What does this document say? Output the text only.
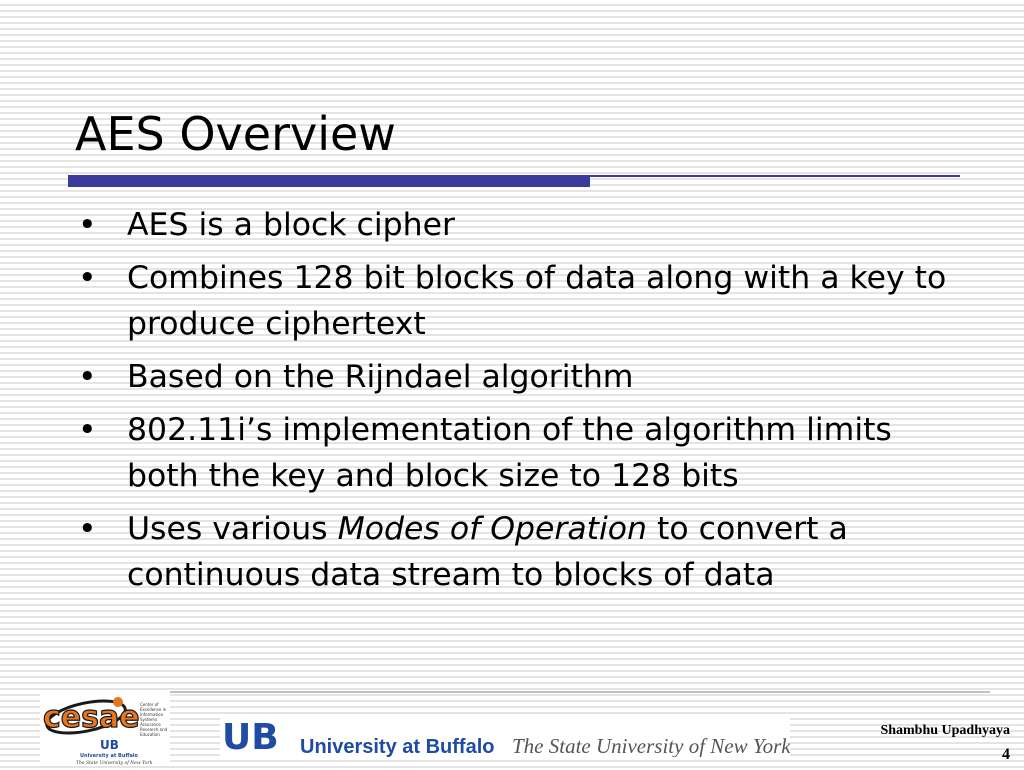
AES Overview
• AES is a block cipher
• Combines 128 bit blocks of data along with a key to produce ciphertext
• Based on the Rijndael algorithm
• 802.11i’s implementation of the algorithm limits both the key and block size to 128 bits
• Uses various Modes of Operation to convert a continuous data stream to blocks of data
cesae Center of
Excellence in
Information
Systems
Assurance
Research and
Education
UB
University at Buffalo
The State University of New York
UB University at Buffalo The State University of New York
Shambhu Upadhyaya
4
